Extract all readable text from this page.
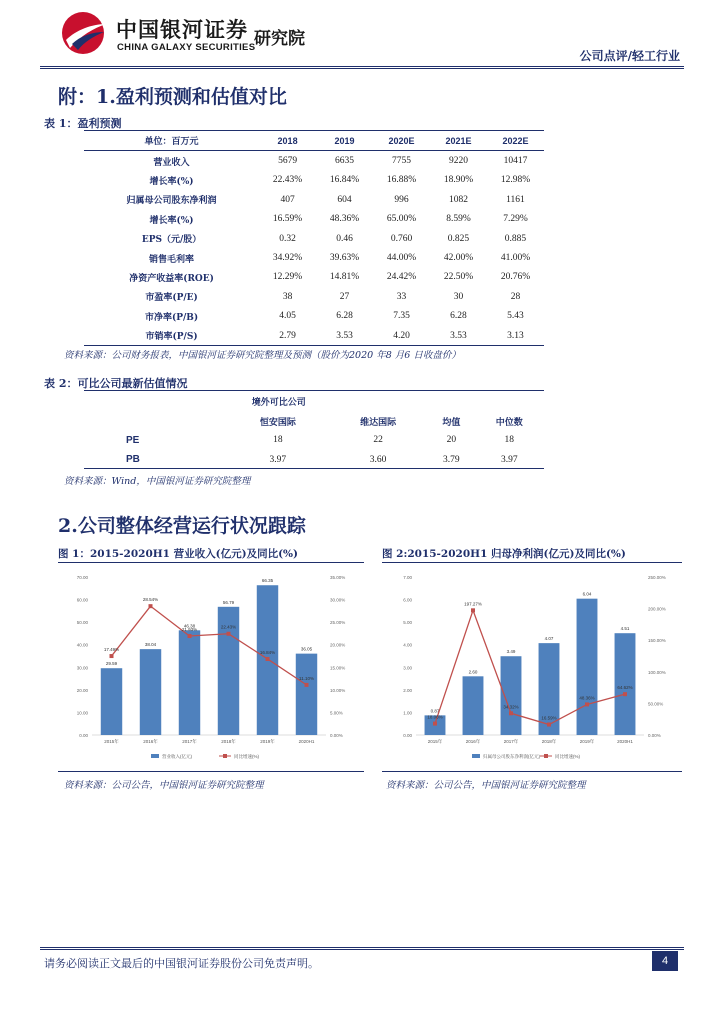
中国银河证券
CHINA GALAXY SECURITIES
研究院
公司点评/轻工行业
附：1.盈利预测和估值对比
表 1：盈利预测
单位：百万元	2018	2019	2020E	2021E	2022E
营业收入	5679	6635	7755	9220	10417
增长率(%)	22.43%	16.84%	16.88%	18.90%	12.98%
归属母公司股东净利润	407	604	996	1082	1161
增长率(%)	16.59%	48.36%	65.00%	8.59%	7.29%
EPS（元/股）	0.32	0.46	0.760	0.825	0.885
销售毛利率	34.92%	39.63%	44.00%	42.00%	41.00%
净资产收益率(ROE)	12.29%	14.81%	24.42%	22.50%	20.76%
市盈率(P/E)	38	27	33	30	28
市净率(P/B)	4.05	6.28	7.35	6.28	5.43
市销率(P/S)	2.79	3.53	4.20	3.53	3.13
资料来源：公司财务报表，中国银河证券研究院整理及预测（股价为2020 年8 月6 日收盘价）
表 2：可比公司最新估值情况
	境外可比公司			
	恒安国际	维达国际	均值	中位数
PE	18	22	20	18
PB	3.97	3.60	3.79	3.97
资料来源：Wind，中国银河证券研究院整理
2.公司整体经营运行状况跟踪
图 1：2015-2020H1 营业收入(亿元)及同比(%)	图 2:2015-2020H1 归母净利润(亿元)及同比(%)
0.00
10.00
20.00
30.00
40.00
50.00
60.00
70.00
0.00%
5.00%
10.00%
15.00%
20.00%
25.00%
30.00%
35.00%
29.59
2015年
38.04
2016年
46.38
2017年
56.79
2018年
66.35
2019年
36.05
2020H1
17.49%
28.54%
21.93%	22.43%
16.84%
11.10%
营业收入(亿元)	同比增速(%)
0.00
1.00
2.00
3.00
4.00
5.00
6.00
7.00
0.00%
50.00%
100.00%
150.00%
200.00%
250.00%
0.87
2015年
2.60
2016年
3.49
2017年
4.07
2018年
6.04
2019年
4.51
2020H1
18.06%
197.27%
34.32%
16.59%
48.36%
64.62%
归属母公司股东净利润(亿元)	同比增速(%)
资料来源：公司公告，中国银河证券研究院整理	资料来源：公司公告，中国银河证券研究院整理
请务必阅读正文最后的中国银河证券股份公司免责声明。	4
